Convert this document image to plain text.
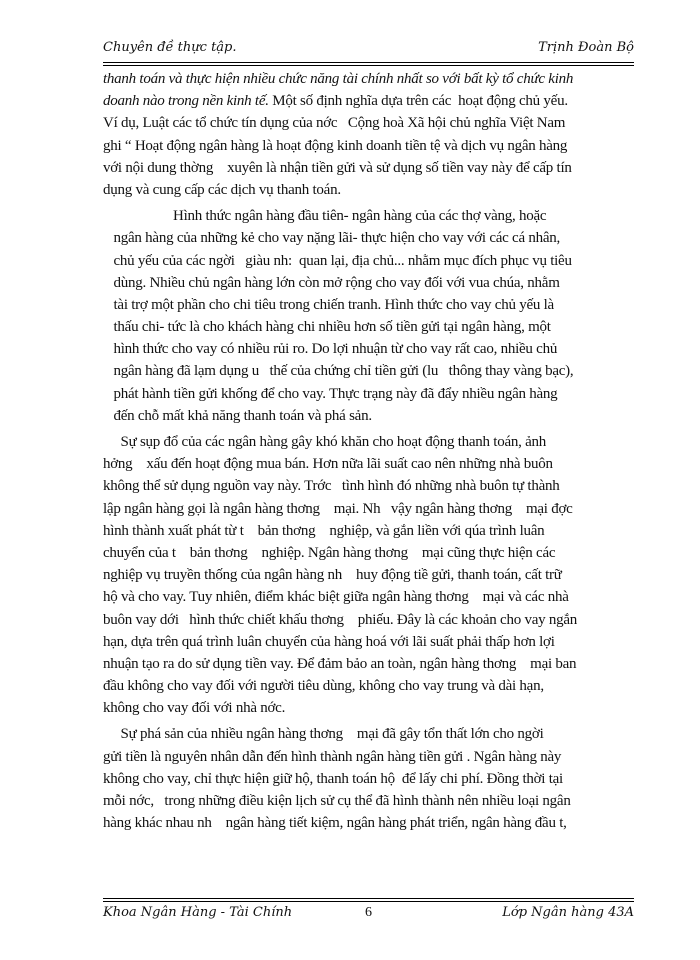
Chuyên đề thực tập.	Trịnh Đoàn Bộ
thanh toán và thực hiện nhiều chức năng tài chính nhất so với bất kỳ tổ chức kinh
doanh nào trong nền kinh tế. Một số định nghĩa dựa trên các  hoạt động chủ yếu.
Ví dụ, Luật các tổ chức tín dụng của nớc   Cộng hoà Xã hội chủ nghĩa Việt Nam
ghi “ Hoạt động ngân hàng là hoạt động kinh doanh tiền tệ và dịch vụ ngân hàng
với nội dung thờng    xuyên là nhận tiền gửi và sử dụng số tiền vay này để cấp tín
dụng và cung cấp các dịch vụ thanh toán.
Hình thức ngân hàng đầu tiên- ngân hàng của các thợ vàng, hoặc
ngân hàng của những kẻ cho vay nặng lãi- thực hiện cho vay với các cá nhân,
chủ yếu của các ngời   giàu nh:  quan lại, địa chủ... nhằm mục đích phục vụ tiêu
dùng. Nhiều chủ ngân hàng lớn còn mở rộng cho vay đối với vua chúa, nhằm
tài trợ một phần cho chi tiêu trong chiến tranh. Hình thức cho vay chủ yếu là
thấu chi- tức là cho khách hàng chi nhiều hơn số tiền gửi tại ngân hàng, một
hình thức cho vay có nhiều rủi ro. Do lợi nhuận từ cho vay rất cao, nhiều chủ
ngân hàng đã lạm dụng u   thế của chứng chỉ tiền gửi (lu   thông thay vàng bạc),
phát hành tiền gửi khống để cho vay. Thực trạng này đã đẩy nhiều ngân hàng
đến chỗ mất khả năng thanh toán và phá sản.
Sự sụp đổ của các ngân hàng gây khó khăn cho hoạt động thanh toán, ảnh
hởng    xấu đến hoạt động mua bán. Hơn nữa lãi suất cao nên những nhà buôn
không thể sử dụng nguồn vay này. Trớc   tình hình đó những nhà buôn tự thành
lập ngân hàng gọi là ngân hàng thơng    mại. Nh   vậy ngân hàng thơng    mại đợc
hình thành xuất phát từ t    bản thơng    nghiệp, và gắn liền với qúa trình luân
chuyển của t    bản thơng    nghiệp. Ngân hàng thơng    mại cũng thực hiện các
nghiệp vụ truyền thống của ngân hàng nh    huy động tiề gửi, thanh toán, cất trữ
hộ và cho vay. Tuy nhiên, điểm khác biệt giữa ngân hàng thơng    mại và các nhà
buôn vay dới   hình thức chiết khấu thơng    phiếu. Đây là các khoản cho vay ngắn
hạn, dựa trên quá trình luân chuyển của hàng hoá với lãi suất phải thấp hơn lợi
nhuận tạo ra do sử dụng tiền vay. Để đảm bảo an toàn, ngân hàng thơng    mại ban
đầu không cho vay đối với người tiêu dùng, không cho vay trung và dài hạn,
không cho vay đối với nhà nớc.
Sự phá sản của nhiều ngân hàng thơng    mại đã gây tổn thất lớn cho ngời
gửi tiền là nguyên nhân dẫn đến hình thành ngân hàng tiền gửi . Ngân hàng này
không cho vay, chỉ thực hiện giữ hộ, thanh toán hộ  để lấy chi phí. Đồng thời tại
mỗi nớc,   trong những điều kiện lịch sử cụ thể đã hình thành nên nhiều loại ngân
hàng khác nhau nh    ngân hàng tiết kiệm, ngân hàng phát triển, ngân hàng đầu t,
Khoa Ngân Hàng - Tài Chính	6	Lớp Ngân hàng 43A
